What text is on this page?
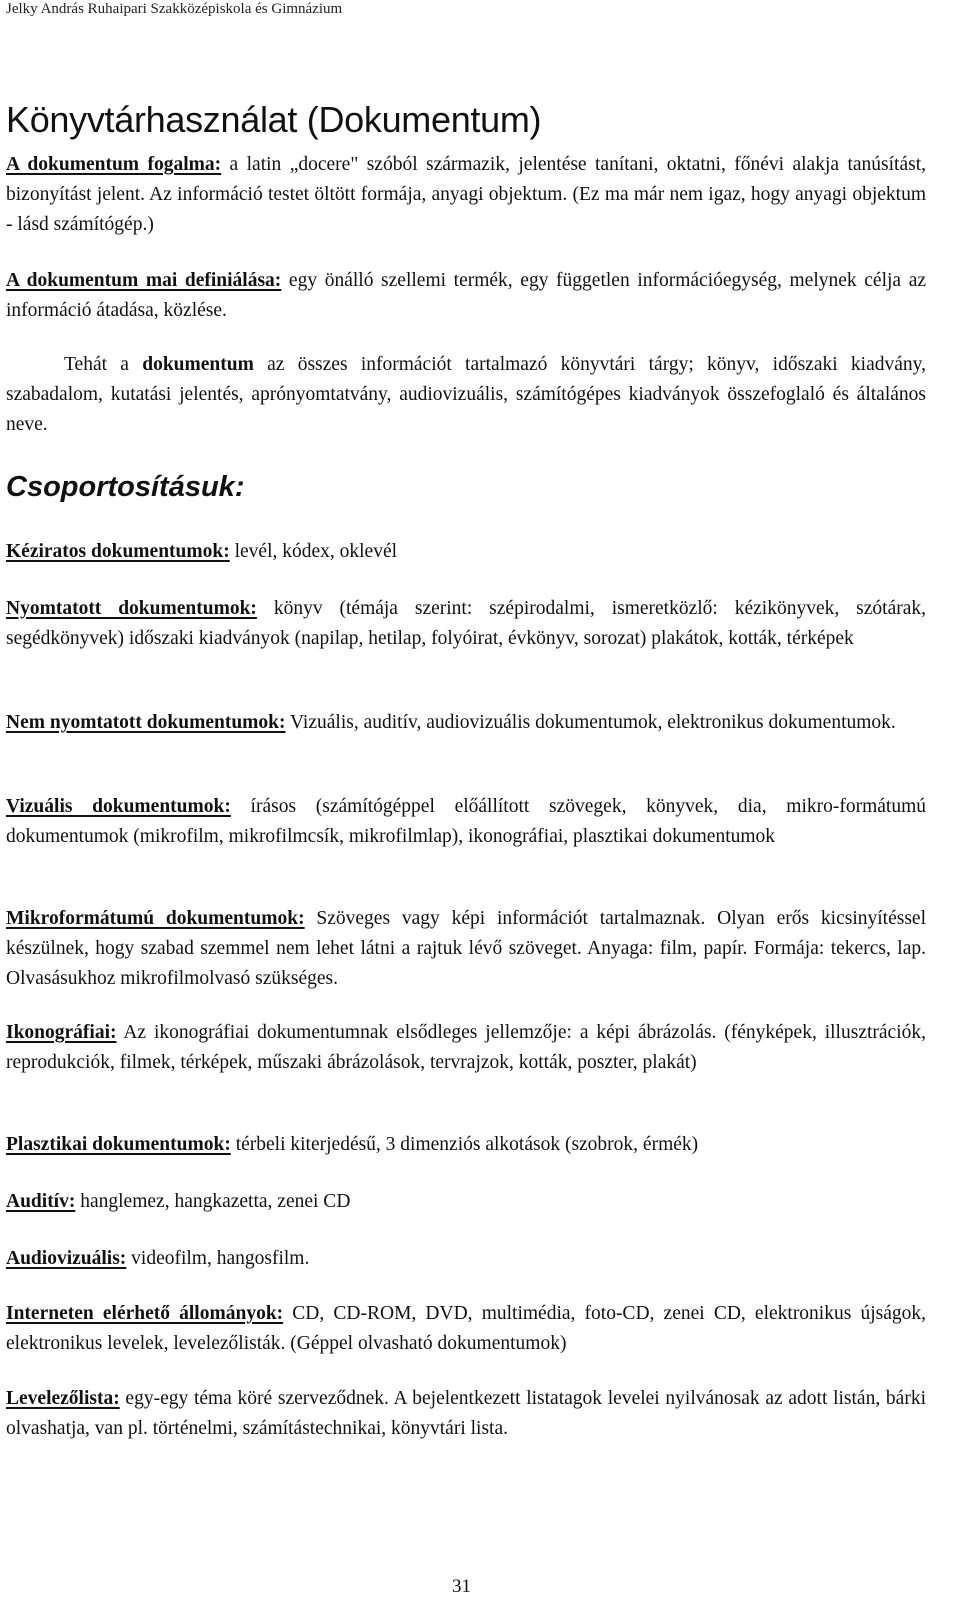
Jelky András Ruhaipari Szakközépiskola és Gimnázium
Könyvtárhasználat (Dokumentum)

A dokumentum fogalma: a latin „docere" szóból származik, jelentése tanítani, oktatni, főnévi alakja tanúsítást, bizonyítást jelent. Az információ testet öltött formája, anyagi objektum. (Ez ma már nem igaz, hogy anyagi objektum - lásd számítógép.)

A dokumentum mai definiálása: egy önálló szellemi termék, egy független információegység, melynek célja az információ átadása, közlése.

Tehát a dokumentum az összes információt tartalmazó könyvtári tárgy; könyv, időszaki kiadvány, szabadalom, kutatási jelentés, aprónyomtatvány, audiovizuális, számítógépes kiadványok összefoglaló és általános neve.

Csoportosításuk:

Kéziratos dokumentumok: levél, kódex, oklevél

Nyomtatott dokumentumok: könyv (témája szerint: szépirodalmi, ismeretközlő: kézikönyvek, szótárak, segédkönyvek) időszaki kiadványok (napilap, hetilap, folyóirat, évkönyv, sorozat) plakátok, kották, térképek

Nem nyomtatott dokumentumok: Vizuális, auditív, audiovizuális dokumentumok, elektronikus dokumentumok.

Vizuális dokumentumok: írásos (számítógéppel előállított szövegek, könyvek, dia, mikro-formátumú dokumentumok (mikrofilm, mikrofilmcsík, mikrofilmlap), ikonográfiai, plasztikai dokumentumok

Mikroformátumú dokumentumok: Szöveges vagy képi információt tartalmaznak. Olyan erős kicsinyítéssel készülnek, hogy szabad szemmel nem lehet látni a rajtuk lévő szöveget. Anyaga: film, papír. Formája: tekercs, lap. Olvasásukhoz mikrofilmolvasó szükséges.

Ikonográfiai: Az ikonográfiai dokumentumnak elsődleges jellemzője: a képi ábrázolás. (fényképek, illusztrációk, reprodukciók, filmek, térképek, műszaki ábrázolások, tervrajzok, kották, poszter, plakát)

Plasztikai dokumentumok: térbeli kiterjedésű, 3 dimenziós alkotások (szobrok, érmék)

Auditív: hanglemez, hangkazetta, zenei CD

Audiovizuális: videofilm, hangosfilm.

Interneten elérhető állományok: CD, CD-ROM, DVD, multimédia, foto-CD, zenei CD, elektronikus újságok, elektronikus levelek, levelezőlisták. (Géppel olvasható dokumentumok)

Levelezőlista: egy-egy téma köré szerveződnek. A bejelentkezett listatagok levelei nyilvánosak az adott listán, bárki olvashatja, van pl. történelmi, számítástechnikai, könyvtári lista.

31
